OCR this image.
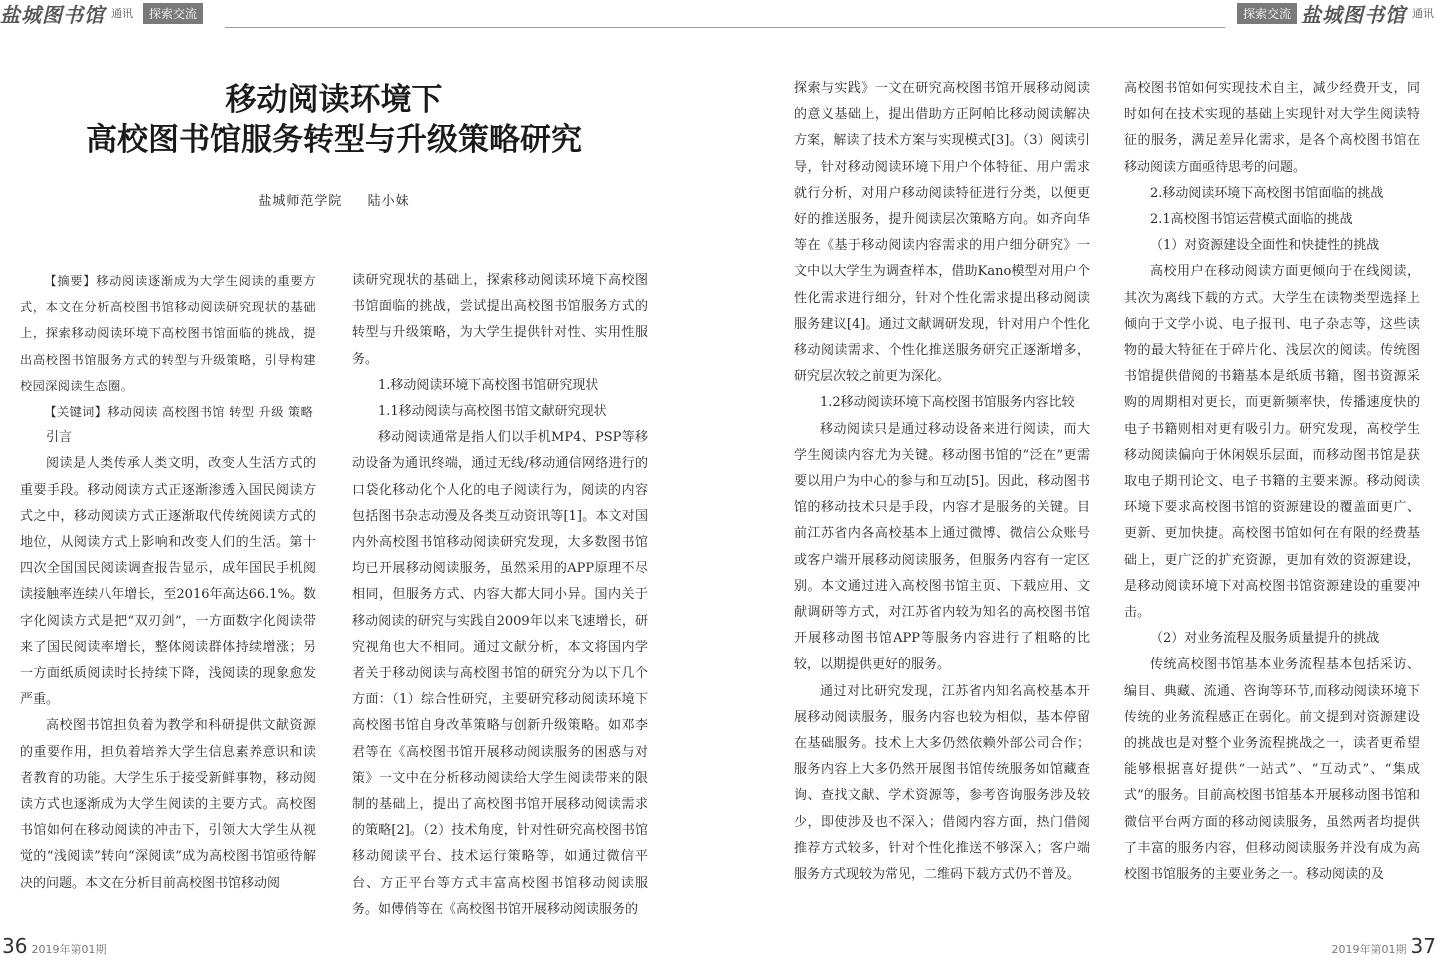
盐城图书馆 通讯	探索交流	探索交流 盐城图书馆 通讯

移动阅读环境下

高校图书馆服务转型与升级策略研究

盐城师范学院 陆小妹

【摘要】移动阅读逐渐成为大学生阅读的重要方式，本文在分析高校图书馆移动阅读研究现状的基础上，探索移动阅读环境下高校图书馆面临的挑战，提出高校图书馆服务方式的转型与升级策略，引导构建校园深阅读生态圈。

【关键词】移动阅读 高校图书馆 转型 升级 策略

引言

阅读是人类传承人类文明，改变人生活方式的重要手段。移动阅读方式正逐渐渗透入国民阅读方式之中，移动阅读方式正逐渐取代传统阅读方式的地位，从阅读方式上影响和改变人们的生活。第十四次全国国民阅读调查报告显示，成年国民手机阅读接触率连续八年增长，至2016年高达66.1%。数字化阅读方式是把“双刃剑”，一方面数字化阅读带来了国民阅读率增长，整体阅读群体持续增涨；另一方面纸质阅读时长持续下降，浅阅读的现象愈发严重。

高校图书馆担负着为教学和科研提供文献资源的重要作用，担负着培养大学生信息素养意识和读者教育的功能。大学生乐于接受新鲜事物，移动阅读方式也逐渐成为大学生阅读的主要方式。高校图书馆如何在移动阅读的冲击下，引领大大学生从视觉的“浅阅读”转向“深阅读”成为高校图书馆亟待解决的问题。本文在分析目前高校图书馆移动阅

读研究现状的基础上，探索移动阅读环境下高校图书馆面临的挑战，尝试提出高校图书馆服务方式的转型与升级策略，为大学生提供针对性、实用性服务。

1.移动阅读环境下高校图书馆研究现状

1.1移动阅读与高校图书馆文献研究现状

移动阅读通常是指人们以手机MP4、PSP等移动设备为通讯终端，通过无线/移动通信网络进行的口袋化移动化个人化的电子阅读行为，阅读的内容包括图书杂志动漫及各类互动资讯等[1]。本文对国内外高校图书馆移动阅读研究发现，大多数图书馆均已开展移动阅读服务，虽然采用的APP原理不尽相同，但服务方式、内容大都大同小异。国内关于移动阅读的研究与实践自2009年以来飞速增长，研究视角也大不相同。通过文献分析，本文将国内学者关于移动阅读与高校图书馆的研究分为以下几个方面：（1）综合性研究，主要研究移动阅读环境下高校图书馆自身改革策略与创新升级策略。如邓李君等在《高校图书馆开展移动阅读服务的困惑与对策》一文中在分析移动阅读给大学生阅读带来的限制的基础上，提出了高校图书馆开展移动阅读需求的策略[2]。（2）技术角度，针对性研究高校图书馆移动阅读平台、技术运行策略等，如通过微信平台、方正平台等方式丰富高校图书馆移动阅读服务。如傅俏等在《高校图书馆开展移动阅读服务的

探索与实践》一文在研究高校图书馆开展移动阅读的意义基础上，提出借助方正阿帕比移动阅读解决方案，解读了技术方案与实现模式[3]。（3）阅读引导，针对移动阅读环境下用户个体特征、用户需求就行分析，对用户移动阅读特征进行分类，以便更好的推送服务，提升阅读层次策略方向。如齐向华等在《基于移动阅读内容需求的用户细分研究》一文中以大学生为调查样本，借助Kano模型对用户个性化需求进行细分，针对个性化需求提出移动阅读服务建议[4]。通过文献调研发现，针对用户个性化移动阅读需求、个性化推送服务研究正逐渐增多，研究层次较之前更为深化。

1.2移动阅读环境下高校图书馆服务内容比较

移动阅读只是通过移动设备来进行阅读，而大学生阅读内容尤为关键。移动图书馆的“泛在”更需要以用户为中心的参与和互动[5]。因此，移动图书馆的移动技术只是手段，内容才是服务的关键。目前江苏省内各高校基本上通过微博、微信公众账号或客户端开展移动阅读服务，但服务内容有一定区别。本文通过进入高校图书馆主页、下载应用、文献调研等方式，对江苏省内较为知名的高校图书馆开展移动图书馆APP等服务内容进行了粗略的比较，以期提供更好的服务。

通过对比研究发现，江苏省内知名高校基本开展移动阅读服务，服务内容也较为相似，基本停留在基础服务。技术上大多仍然依赖外部公司合作；服务内容上大多仍然开展图书馆传统服务如馆藏查询、查找文献、学术资源等，参考咨询服务涉及较少，即使涉及也不深入；借阅内容方面，热门借阅推荐方式较多，针对个性化推送不够深入；客户端服务方式现较为常见，二维码下载方式仍不普及。

高校图书馆如何实现技术自主，减少经费开支，同时如何在技术实现的基础上实现针对大学生阅读特征的服务，满足差异化需求，是各个高校图书馆在移动阅读方面亟待思考的问题。

2.移动阅读环境下高校图书馆面临的挑战

2.1高校图书馆运营模式面临的挑战

（1）对资源建设全面性和快捷性的挑战

高校用户在移动阅读方面更倾向于在线阅读，其次为离线下载的方式。大学生在读物类型选择上倾向于文学小说、电子报刊、电子杂志等，这些读物的最大特征在于碎片化、浅层次的阅读。传统图书馆提供借阅的书籍基本是纸质书籍，图书资源采购的周期相对更长，而更新频率快，传播速度快的电子书籍则相对更有吸引力。研究发现，高校学生移动阅读偏向于休闲娱乐层面，而移动图书馆是获取电子期刊论文、电子书籍的主要来源。移动阅读环境下要求高校图书馆的资源建设的覆盖面更广、更新、更加快捷。高校图书馆如何在有限的经费基础上，更广泛的扩充资源，更加有效的资源建设，是移动阅读环境下对高校图书馆资源建设的重要冲击。

（2）对业务流程及服务质量提升的挑战

传统高校图书馆基本业务流程基本包括采访、编目、典藏、流通、咨询等环节,而移动阅读环境下传统的业务流程感正在弱化。前文提到对资源建设的挑战也是对整个业务流程挑战之一，读者更希望能够根据喜好提供“一站式”、“互动式”、“集成式”的服务。目前高校图书馆基本开展移动图书馆和微信平台两方面的移动阅读服务，虽然两者均提供了丰富的服务内容，但移动阅读服务并没有成为高校图书馆服务的主要业务之一。移动阅读的及

36 2019年第01期	2019年第01期 37
